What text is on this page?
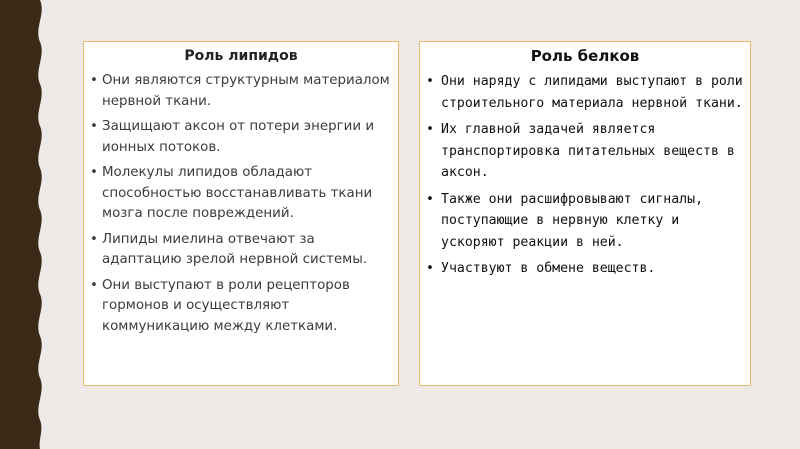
Роль липидов
• Они являются структурным материалом нервной ткани.
• Защищают аксон от потери энергии и ионных потоков.
• Молекулы липидов обладают способностью восстанавливать ткани мозга после повреждений.
• Липиды миелина отвечают за адаптацию зрелой нервной системы.
• Они выступают в роли рецепторов гормонов и осуществляют коммуникацию между клетками.
Роль белков
• Они наряду с липидами выступают в роли строительного материала нервной ткани.
• Их главной задачей является транспортировка питательных веществ в аксон.
• Также они расшифровывают сигналы, поступающие в нервную клетку и ускоряют реакции в ней.
• Участвуют в обмене веществ.
